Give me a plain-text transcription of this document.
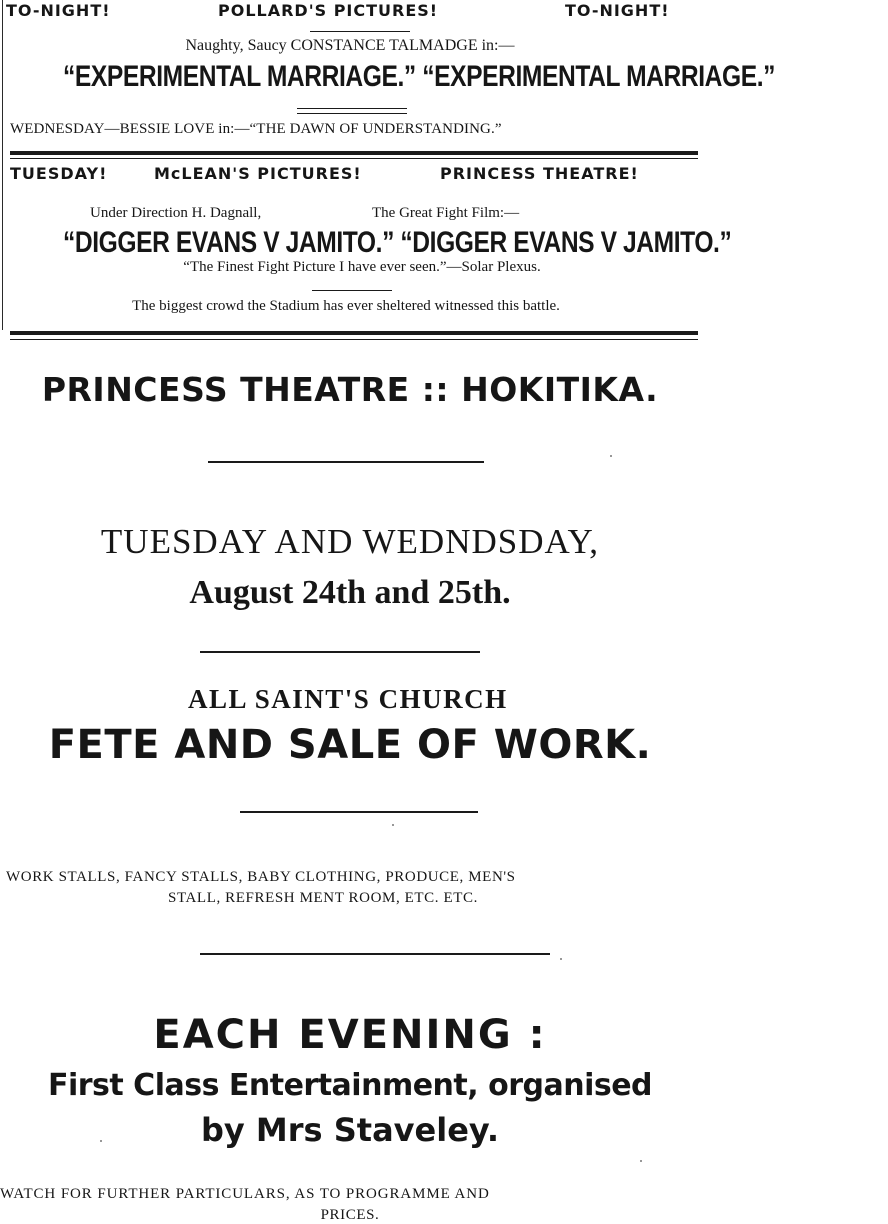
TO-NIGHT!	POLLARD'S PICTURES!	TO-NIGHT!
Naughty, Saucy CONSTANCE TALMADGE in:—
“EXPERIMENTAL MARRIAGE.” “EXPERIMENTAL MARRIAGE.”
WEDNESDAY—BESSIE LOVE in:—“THE DAWN OF UNDERSTANDING.”
TUESDAY!	McLEAN'S PICTURES!	PRINCESS THEATRE!
Under Direction H. Dagnall,	The Great Fight Film:—
“DIGGER EVANS V JAMITO.” “DIGGER EVANS V JAMITO.”
“The Finest Fight Picture I have ever seen.”—Solar Plexus.
The biggest crowd the Stadium has ever sheltered witnessed this battle.
PRINCESS THEATRE :: HOKITIKA.
TUESDAY AND WEDNDSDAY,
August 24th and 25th.
ALL SAINT'S CHURCH
FETE AND SALE OF WORK.
WORK STALLS, FANCY STALLS, BABY CLOTHING, PRODUCE, MEN'S
STALL, REFRESH MENT ROOM, ETC. ETC.
EACH EVENING :
First Class Entertainment, organised
by Mrs Staveley.
WATCH FOR FURTHER PARTICULARS, AS TO PROGRAMME AND
PRICES.
